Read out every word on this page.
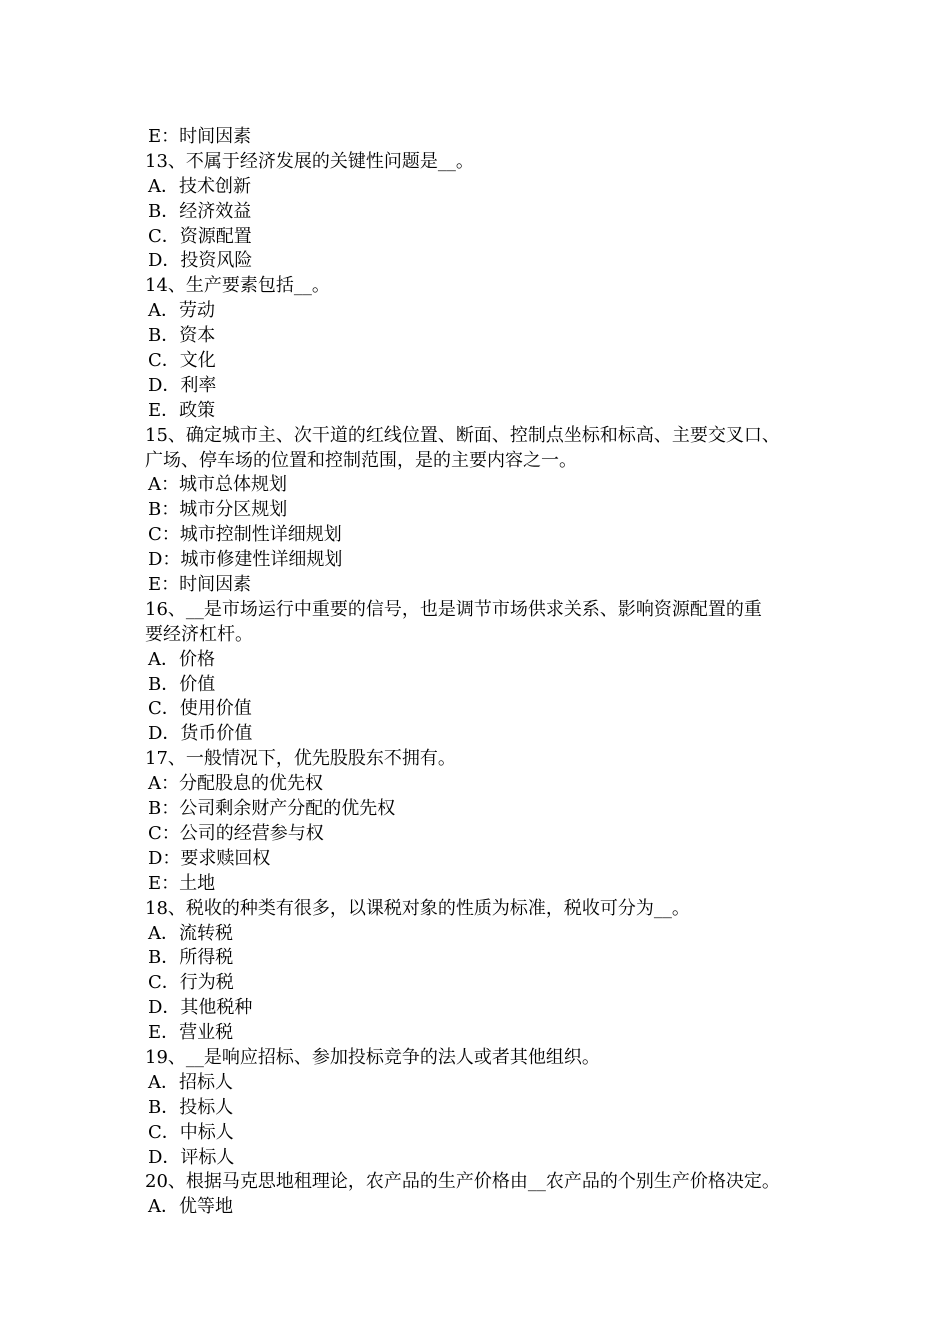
E：时间因素
13、不属于经济发展的关键性问题是__。
A．技术创新
B．经济效益
C．资源配置
D．投资风险
14、生产要素包括__。
A．劳动
B．资本
C．文化
D．利率
E．政策
15、确定城市主、次干道的红线位置、断面、控制点坐标和标高、主要交叉口、
广场、停车场的位置和控制范围，是的主要内容之一。
A：城市总体规划
B：城市分区规划
C：城市控制性详细规划
D：城市修建性详细规划
E：时间因素
16、__是市场运行中重要的信号，也是调节市场供求关系、影响资源配置的重
要经济杠杆。
A．价格
B．价值
C．使用价值
D．货币价值
17、一般情况下，优先股股东不拥有。
A：分配股息的优先权
B：公司剩余财产分配的优先权
C：公司的经营参与权
D：要求赎回权
E：土地
18、税收的种类有很多，以课税对象的性质为标准，税收可分为__。
A．流转税
B．所得税
C．行为税
D．其他税种
E．营业税
19、__是响应招标、参加投标竞争的法人或者其他组织。
A．招标人
B．投标人
C．中标人
D．评标人
20、根据马克思地租理论，农产品的生产价格由__农产品的个别生产价格决定。
A．优等地
